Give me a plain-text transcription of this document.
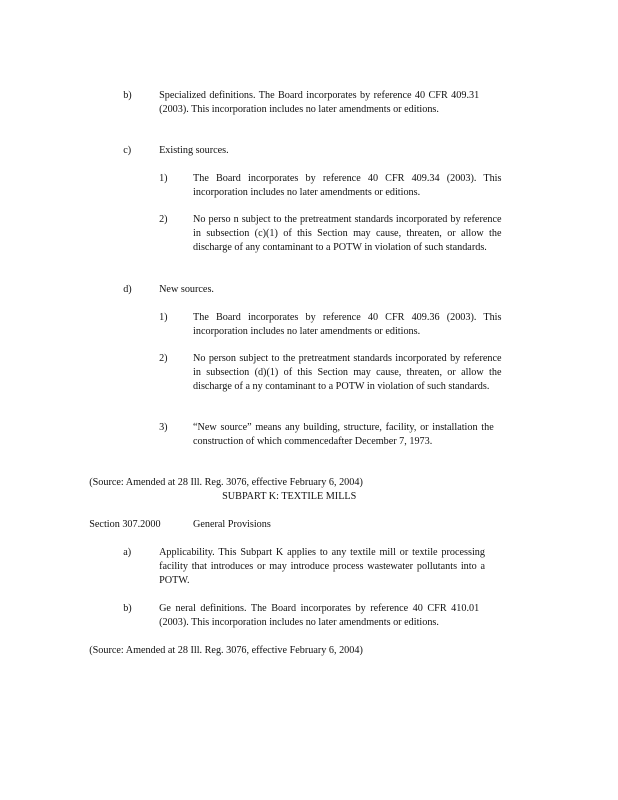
b)	Specialized definitions. The Board incorporates by reference 40 CFR 409.31 (2003). This incorporation includes no later amendments or editions.
c)	Existing sources.
1) The Board incorporates by reference 40 CFR 409.34 (2003). This incorporation includes no later amendments or editions.
2) No perso n subject to the pretreatment standards incorporated by reference in subsection (c)(1) of this Section may cause, threaten, or allow the discharge of any contaminant to a POTW in violation of such standards.
d)	New sources.
1) The Board incorporates by reference 40 CFR 409.36 (2003). This incorporation includes no later amendments or editions.
2) No person subject to the pretreatment standards incorporated by reference in subsection (d)(1) of this Section may cause, threaten, or allow the discharge of a ny contaminant to a POTW in violation of such standards.
3) “New source” means any building, structure, facility, or installation the construction of which commencedafter December 7, 1973.
(Source: Amended at 28 Ill. Reg. 3076, effective February 6, 2004)
SUBPART K: TEXTILE MILLS
Section 307.2000	General Provisions
a)	Applicability. This Subpart K applies to any textile mill or textile processing facility that introduces or may introduce process wastewater pollutants into a POTW.
b)	Ge neral definitions. The Board incorporates by reference 40 CFR 410.01 (2003). This incorporation includes no later amendments or editions.
(Source: Amended at 28 Ill. Reg. 3076, effective February 6, 2004)
